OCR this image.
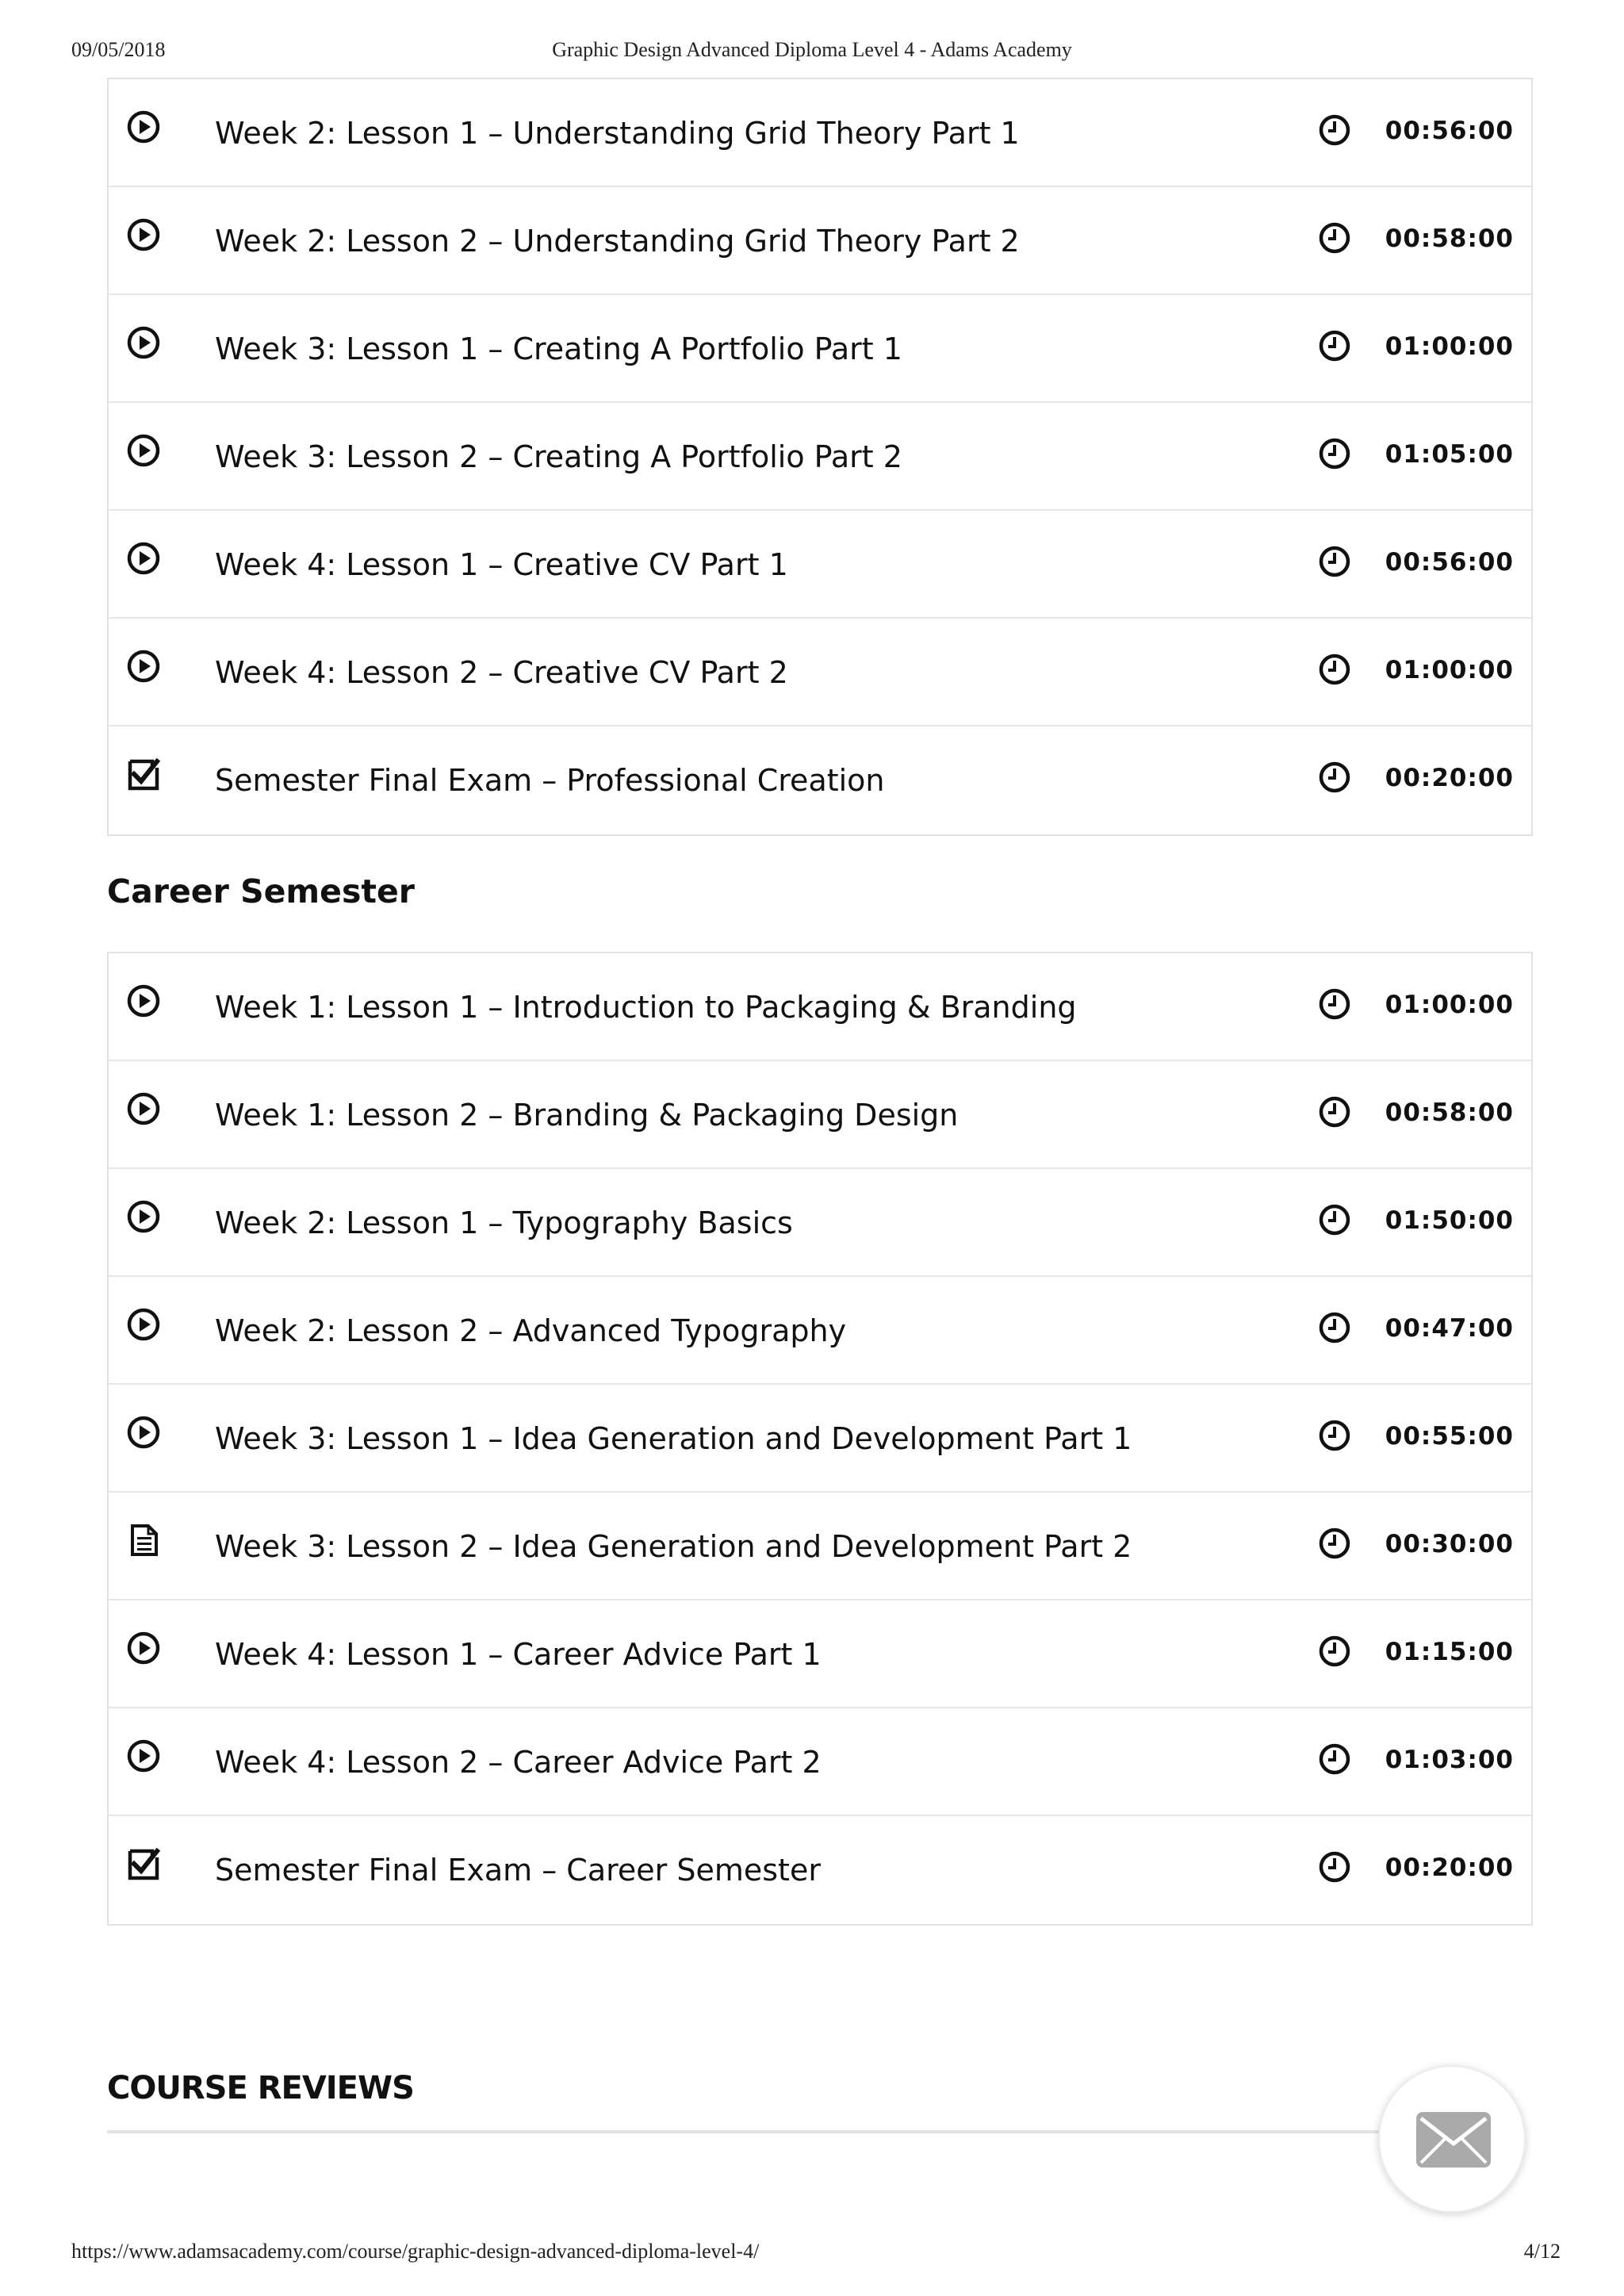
09/05/2018	Graphic Design Advanced Diploma Level 4 - Adams Academy
Week 2: Lesson 1 – Understanding Grid Theory Part 1	00:56:00
Week 2: Lesson 2 – Understanding Grid Theory Part 2	00:58:00
Week 3: Lesson 1 – Creating A Portfolio Part 1	01:00:00
Week 3: Lesson 2 – Creating A Portfolio Part 2	01:05:00
Week 4: Lesson 1 – Creative CV Part 1	00:56:00
Week 4: Lesson 2 – Creative CV Part 2	01:00:00
Semester Final Exam – Professional Creation	00:20:00
Career Semester
Week 1: Lesson 1 – Introduction to Packaging & Branding	01:00:00
Week 1: Lesson 2 – Branding & Packaging Design	00:58:00
Week 2: Lesson 1 – Typography Basics	01:50:00
Week 2: Lesson 2 – Advanced Typography	00:47:00
Week 3: Lesson 1 – Idea Generation and Development Part 1	00:55:00
Week 3: Lesson 2 – Idea Generation and Development Part 2	00:30:00
Week 4: Lesson 1 – Career Advice Part 1	01:15:00
Week 4: Lesson 2 – Career Advice Part 2	01:03:00
Semester Final Exam – Career Semester	00:20:00
COURSE REVIEWS
https://www.adamsacademy.com/course/graphic-design-advanced-diploma-level-4/	4/12
